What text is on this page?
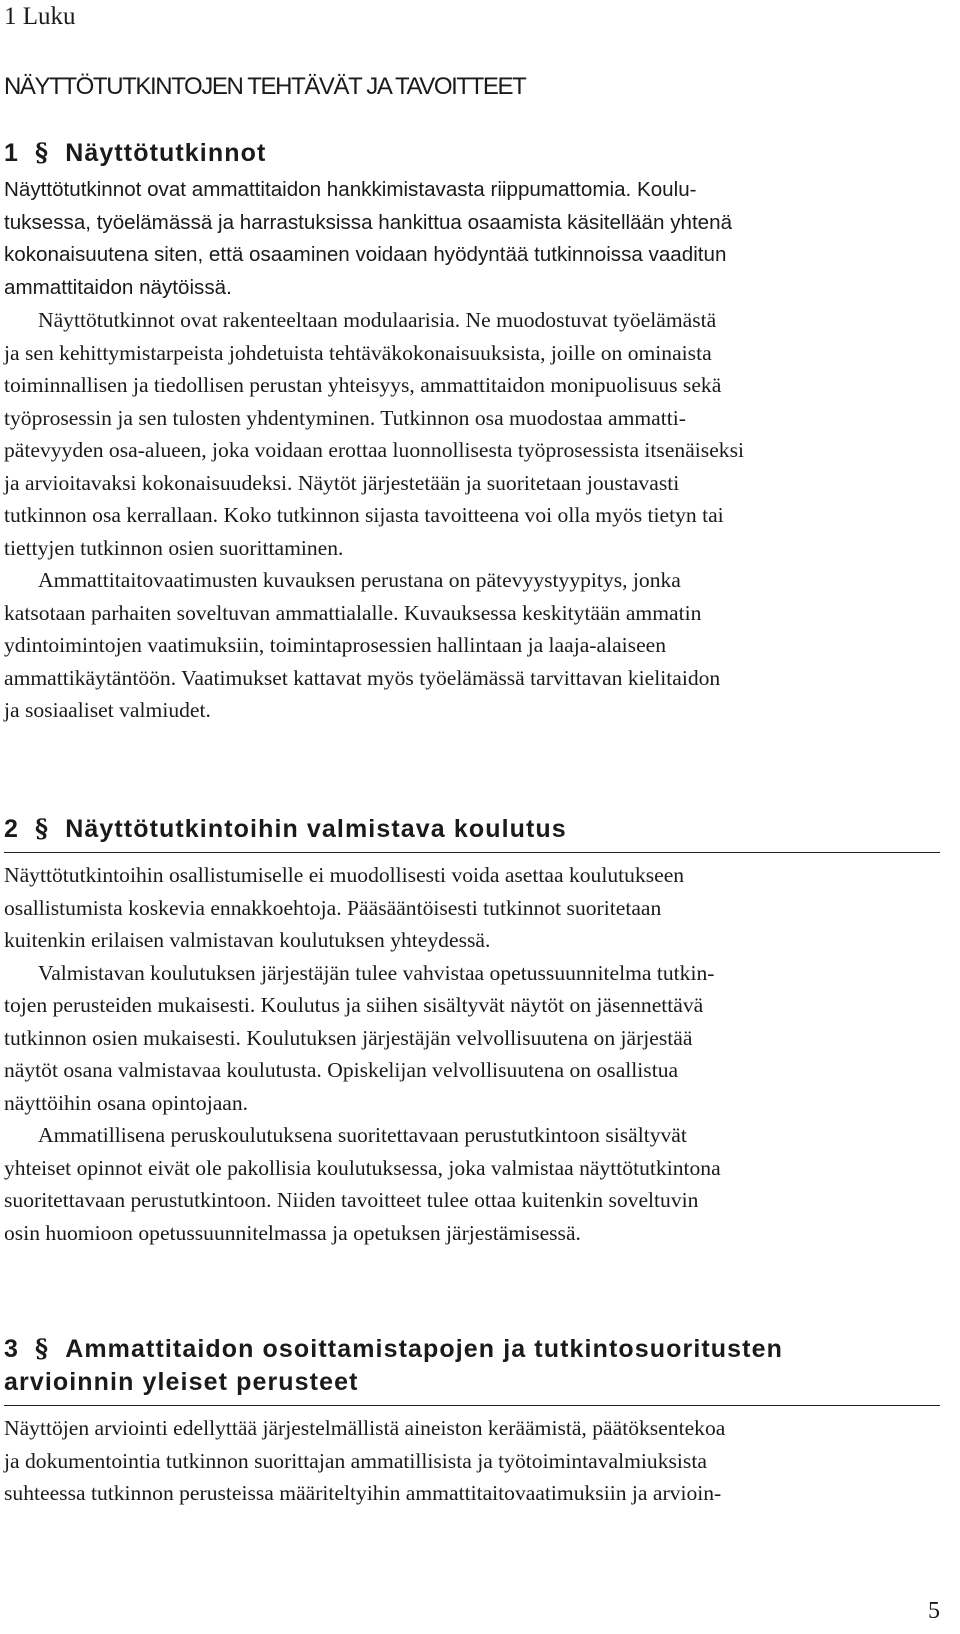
1 Luku
NÄYTTÖTUTKINTOJEN TEHTÄVÄT JA TAVOITTEET
1 § Näyttötutkinnot

Näyttötutkinnot ovat ammattitaidon hankkimistavasta riippumattomia. Koulu-
tuksessa, työelämässä ja harrastuksissa hankittua osaamista käsitellään yhtenä
kokonaisuutena siten, että osaaminen voidaan hyödyntää tutkinnoissa vaaditun
ammattitaidon näytöissä.

Näyttötutkinnot ovat rakenteeltaan modulaarisia. Ne muodostuvat työelämästä
ja sen kehittymistarpeista johdetuista tehtäväkokonaisuuksista, joille on ominaista
toiminnallisen ja tiedollisen perustan yhteisyys, ammattitaidon monipuolisuus sekä
työprosessin ja sen tulosten yhdentyminen. Tutkinnon osa muodostaa ammatti-
pätevyyden osa-alueen, joka voidaan erottaa luonnollisesta työprosessista itsenäiseksi
ja arvioitavaksi kokonaisuudeksi. Näytöt järjestetään ja suoritetaan joustavasti
tutkinnon osa kerrallaan. Koko tutkinnon sijasta tavoitteena voi olla myös tietyn tai
tiettyjen tutkinnon osien suorittaminen.

Ammattitaitovaatimusten kuvauksen perustana on pätevyystyypitys, jonka
katsotaan parhaiten soveltuvan ammattialalle. Kuvauksessa keskitytään ammatin
ydintoimintojen vaatimuksiin, toimintaprosessien hallintaan ja laaja-alaiseen
ammattikäytäntöön. Vaatimukset kattavat myös työelämässä tarvittavan kielitaidon
ja sosiaaliset valmiudet.

2 § Näyttötutkintoihin valmistava koulutus

Näyttötutkintoihin osallistumiselle ei muodollisesti voida asettaa koulutukseen
osallistumista koskevia ennakkoehtoja. Pääsääntöisesti tutkinnot suoritetaan
kuitenkin erilaisen valmistavan koulutuksen yhteydessä.

Valmistavan koulutuksen järjestäjän tulee vahvistaa opetussuunnitelma tutkin-
tojen perusteiden mukaisesti. Koulutus ja siihen sisältyvät näytöt on jäsennettävä
tutkinnon osien mukaisesti. Koulutuksen järjestäjän velvollisuutena on järjestää
näytöt osana valmistavaa koulutusta. Opiskelijan velvollisuutena on osallistua
näyttöihin osana opintojaan.

Ammatillisena peruskoulutuksena suoritettavaan perustutkintoon sisältyvät
yhteiset opinnot eivät ole pakollisia koulutuksessa, joka valmistaa näyttötutkintona
suoritettavaan perustutkintoon. Niiden tavoitteet tulee ottaa kuitenkin soveltuvin
osin huomioon opetussuunnitelmassa ja opetuksen järjestämisessä.

3 § Ammattitaidon osoittamistapojen ja tutkintosuoritusten
arvioinnin yleiset perusteet

Näyttöjen arviointi edellyttää järjestelmällistä aineiston keräämistä, päätöksentekoa
ja dokumentointia tutkinnon suorittajan ammatillisista ja työtoimintavalmiuksista
suhteessa tutkinnon perusteissa määriteltyihin ammattitaitovaatimuksiin ja arvioin-

5
